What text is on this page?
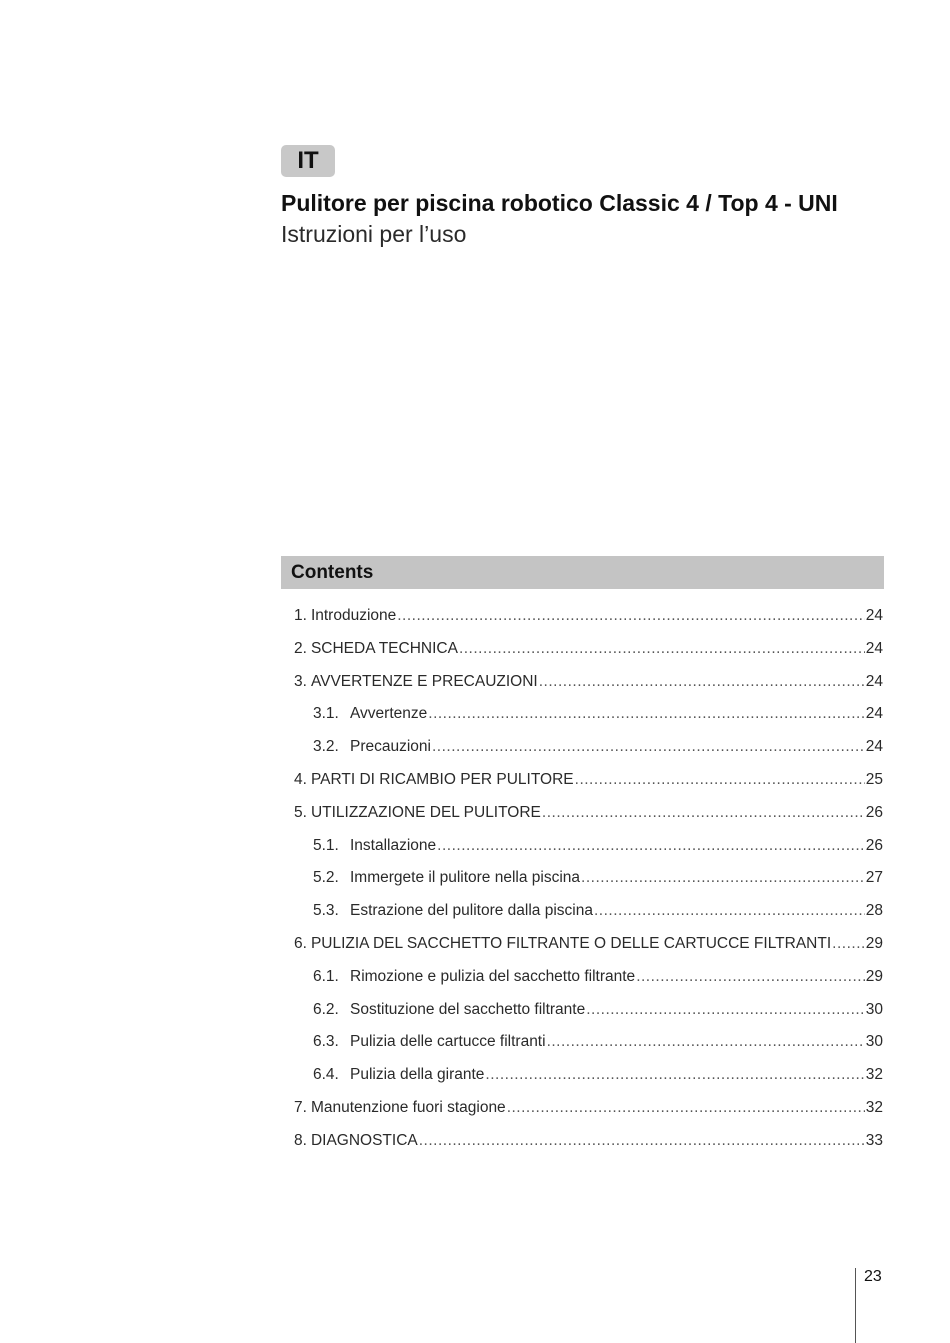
IT
Pulitore per piscina robotico Classic 4 / Top 4 - UNI
Istruzioni per l’uso
Contents
1. Introduzione .....	24
2. SCHEDA TECHNICA .....	24
3. AVVERTENZE E PRECAUZIONI .....	24
3.1. Avvertenze .....	24
3.2. Precauzioni .....	24
4. PARTI DI RICAMBIO PER PULITORE .....	25
5. UTILIZZAZIONE DEL PULITORE .....	26
5.1. Installazione .....	26
5.2. Immergete il pulitore nella piscina .....	27
5.3. Estrazione del pulitore dalla piscina .....	28
6. PULIZIA DEL SACCHETTO FILTRANTE O DELLE CARTUCCE FILTRANTI ..... 29
6.1. Rimozione e pulizia del sacchetto filtrante .....	29
6.2. Sostituzione del sacchetto filtrante .....	30
6.3. Pulizia delle cartucce filtranti .....	30
6.4. Pulizia della girante .....	32
7. Manutenzione fuori stagione .....	32
8. DIAGNOSTICA .....	33
23
